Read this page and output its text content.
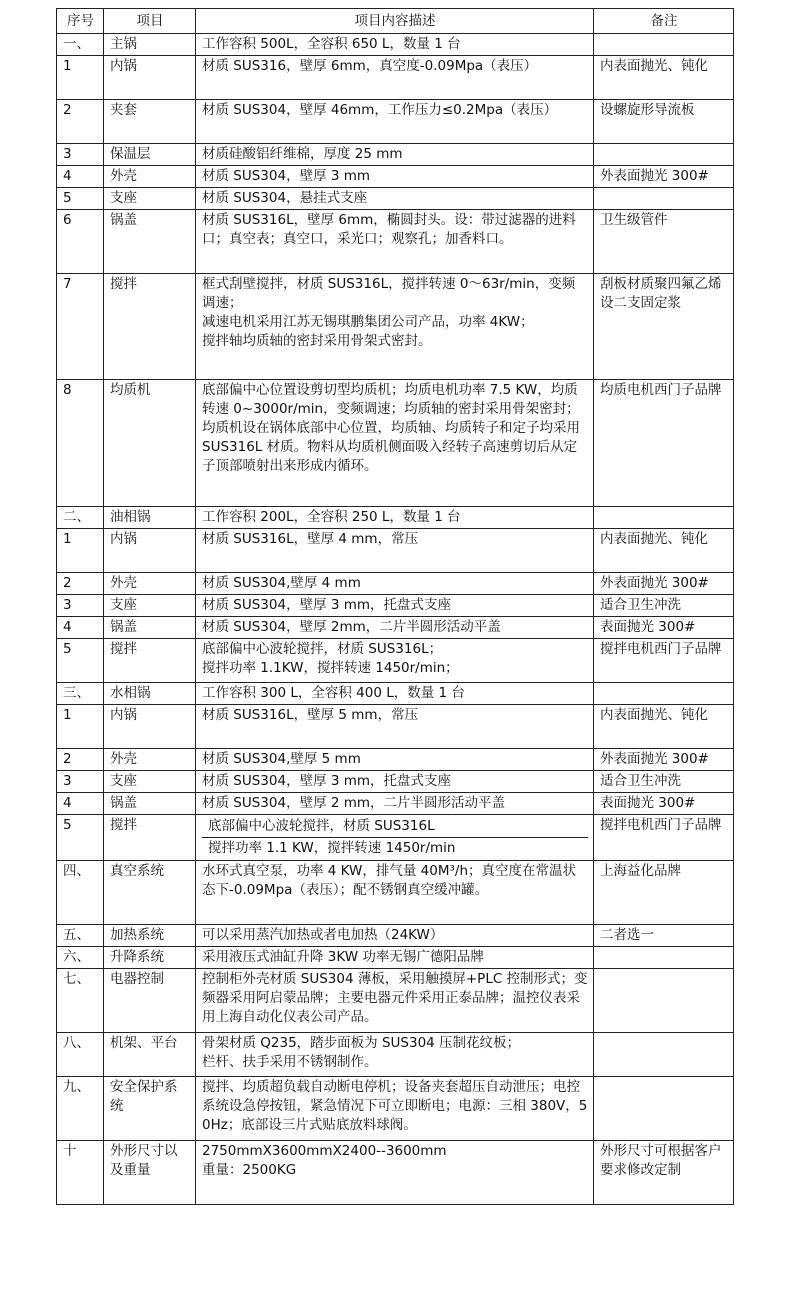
序号	项目	项目内容描述	备注
一、	主锅	工作容积 500L，全容积 650 L，数量 1 台	

1	内锅	材质 SUS316，壁厚 6mm，真空度-0.09Mpa（表压）	内表面抛光、钝化
2	夹套	材质 SUS304，壁厚 46mm，工作压力≤0.2Mpa（表压）	设螺旋形导流板
3	保温层	材质硅酸铝纤维棉，厚度 25 mm	

4	外壳	材质 SUS304，壁厚 3 mm	外表面抛光 300#
5	支座	材质 SUS304，悬挂式支座	

6	锅盖	材质 SUS316L，壁厚 6mm，椭圆封头。设：带过滤器的进料口；真空表；真空口，采光口；观察孔；加香料口。	卫生级管件
7	搅拌	框式刮壁搅拌，材质 SUS316L，搅拌转速 0～63r/min，变频调速；
减速电机采用江苏无锡琪鹏集团公司产品，功率 4KW；
搅拌轴均质轴的密封采用骨架式密封。	刮板材质聚四氟乙烯
设二支固定浆
8	均质机	底部偏中心位置设剪切型均质机；均质电机功率 7.5 KW，均质转速 0~3000r/min，变频调速；均质轴的密封采用骨架密封；均质机设在锅体底部中心位置，均质轴、均质转子和定子均采用 SUS316L 材质。物料从均质机侧面吸入经转子高速剪切后从定子顶部喷射出来形成内循环。	均质电机西门子品牌
二、	油相锅	工作容积 200L，全容积 250 L，数量 1 台	

1	内锅	材质 SUS316L，壁厚 4 mm，常压	内表面抛光、钝化
2	外壳	材质 SUS304,壁厚 4 mm	外表面抛光 300#
3	支座	材质 SUS304，壁厚 3 mm，托盘式支座	适合卫生冲洗
4	锅盖	材质 SUS304，壁厚 2mm，二片半圆形活动平盖	表面抛光 300#
5	搅拌	底部偏中心波轮搅拌，材质 SUS316L；
搅拌功率 1.1KW，搅拌转速 1450r/min；	搅拌电机西门子品牌
三、	水相锅	工作容积 300 L，全容积 400 L，数量 1 台	

1	内锅	材质 SUS316L，壁厚 5 mm，常压	内表面抛光、钝化
2	外壳	材质 SUS304,壁厚 5 mm	外表面抛光 300#
3	支座	材质 SUS304，壁厚 3 mm，托盘式支座	适合卫生冲洗
4	锅盖	材质 SUS304，壁厚 2 mm，二片半圆形活动平盖	表面抛光 300#
5	搅拌	底部偏中心波轮搅拌，材质 SUS316L
搅拌功率 1.1 KW，搅拌转速 1450r/min	搅拌电机西门子品牌
四、	真空系统	水环式真空泵，功率 4 KW，排气量 40M³/h；真空度在常温状态下-0.09Mpa（表压）；配不锈钢真空缓冲罐。	上海益化品牌
五、	加热系统	可以采用蒸汽加热或者电加热（24KW）	二者选一
六、	升降系统	采用液压式油缸升降 3KW 功率无锡广德阳品牌	

七、	电器控制	控制柜外壳材质 SUS304 薄板，采用触摸屏+PLC 控制形式；变频器采用阿启蒙品牌；主要电器元件采用正泰品牌；温控仪表采用上海自动化仪表公司产品。	

八、	机架、平台	骨架材质 Q235，踏步面板为 SUS304 压制花纹板；
栏杆、扶手采用不锈钢制作。	

九、	安全保护系统	搅拌、均质超负载自动断电停机；设备夹套超压自动泄压；电控系统设急停按钮，紧急情况下可立即断电；电源：三相 380V，50Hz；底部设三片式贴底放料球阀。	

十	外形尺寸以及重量	2750mmX3600mmX2400--3600mm
重量：2500KG	外形尺寸可根据客户要求修改定制
